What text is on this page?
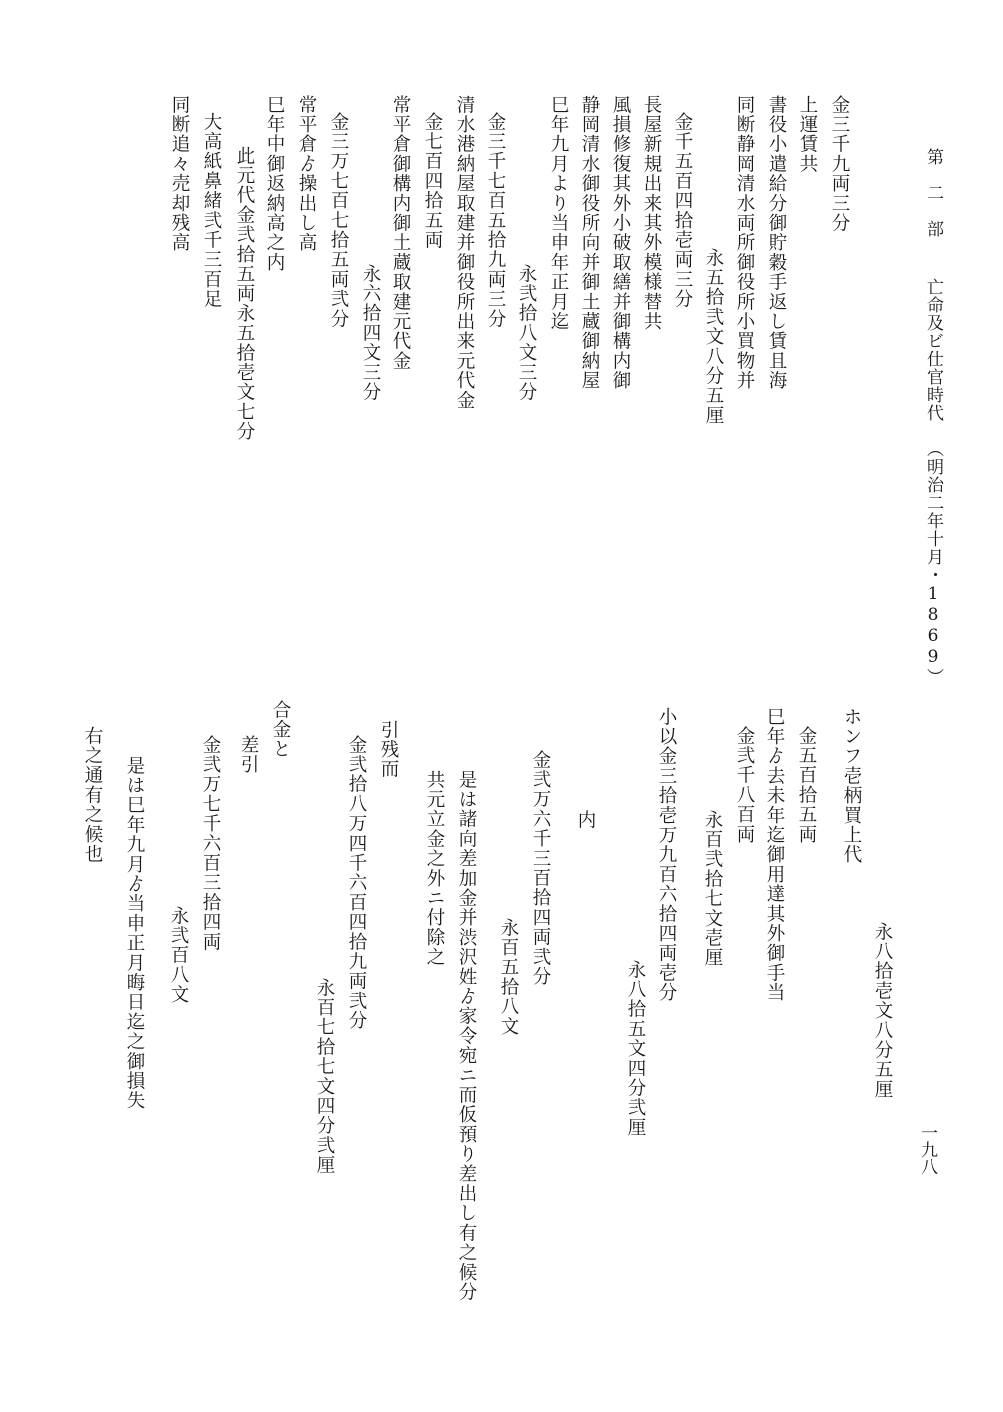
第　二　部亡命及ビ仕官時代（明治二年十月・1869）
一九八
同断追々売却残高 大高紙鼻緒弐千三百足 此元代金弐拾五両永五拾壱文七分 巳年中御返納高之内 常平倉ゟ操出し高 金三万七百七拾五両弐分
永六拾四文三分 常平倉御構内御土蔵取建元代金 金七百四拾五両 清水港納屋取建并御役所出来元代金 金三千七百五拾九両三分
永弐拾八文三分
巳年九月より当申年正月迄 静岡清水御役所向并御土蔵御納屋 風損修復其外小破取繕并御構内御 長屋新規出来其外模様替共 金千五百四拾壱両三分
永五拾弐文八分五厘 同断静岡清水両所御役所小買物并 書役小遣給分御貯穀手返し賃且海 上運賃共 金三千九両三分
ホンフ壱柄買上代
永八拾壱文八分五厘
金五百拾五両
巳年ゟ去未年迄御用達其外御手当
金弐千八百両
永百弐拾七文壱厘
小以金三拾壱万九百六拾四両壱分
永八拾五文四分弐厘
内
金弐万六千三百拾四両弐分
永百五拾八文
是は諸向差加金并渋沢姓ゟ家令宛ニ而仮預り差出し有之候分
共元立金之外ニ付除之
引残而
金弐拾八万四千六百四拾九両弐分
永百七拾七文四分弐厘
合金と
差引
金弐万七千六百三拾四両
永弐百八文
是は巳年九月ゟ当申正月晦日迄之御損失
右之通有之候也
